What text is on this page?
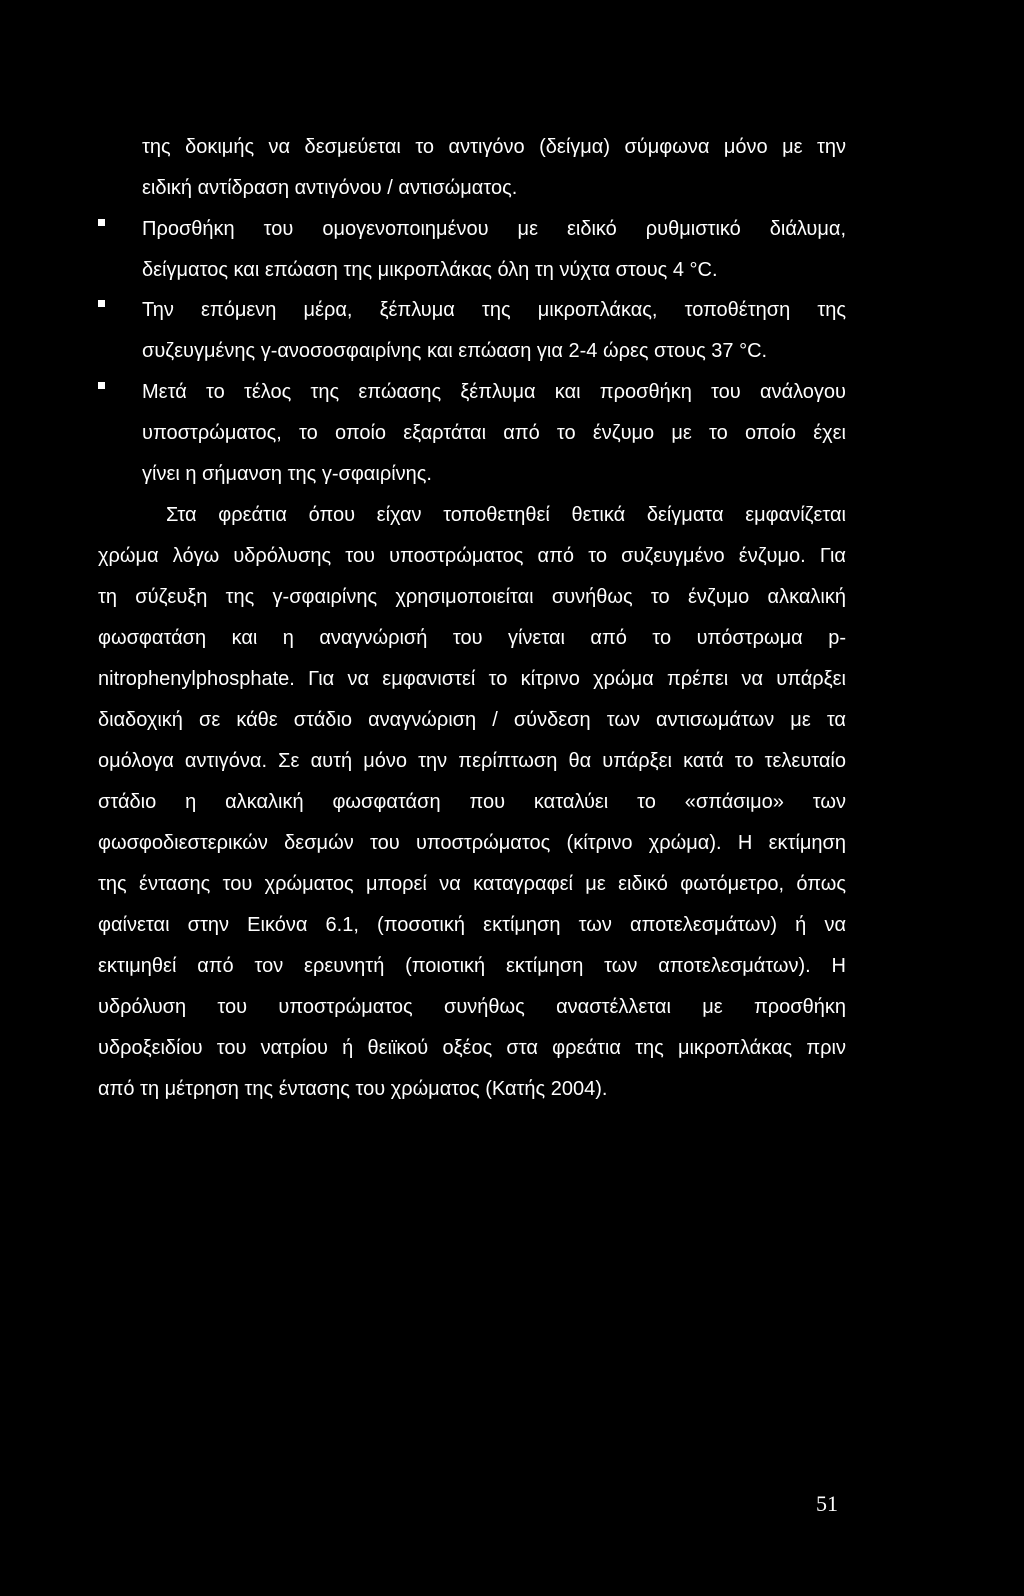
της δοκιμής να δεσμεύεται το αντιγόνο (δείγμα) σύμφωνα μόνο με την
ειδική αντίδραση αντιγόνου / αντισώματος.
Προσθήκη του ομογενοποιημένου με ειδικό ρυθμιστικό διάλυμα,
δείγματος και επώαση της μικροπλάκας όλη τη νύχτα στους 4 °C.
Την επόμενη μέρα, ξέπλυμα της μικροπλάκας, τοποθέτηση της
συζευγμένης γ-ανοσοσφαιρίνης και επώαση για 2-4 ώρες στους 37 °C.
Μετά το τέλος της επώασης ξέπλυμα και προσθήκη του ανάλογου
υποστρώματος, το οποίο εξαρτάται από το ένζυμο με το οποίο έχει
γίνει η σήμανση της γ-σφαιρίνης.
Στα φρεάτια όπου είχαν τοποθετηθεί θετικά δείγματα εμφανίζεται
χρώμα λόγω υδρόλυσης του υποστρώματος από το συζευγμένο ένζυμο. Για
τη σύζευξη της γ-σφαιρίνης χρησιμοποιείται συνήθως το ένζυμο αλκαλική
φωσφατάση και η αναγνώρισή του γίνεται από το υπόστρωμα p-
nitrophenylphosphate. Για να εμφανιστεί το κίτρινο χρώμα πρέπει να υπάρξει
διαδοχική σε κάθε στάδιο αναγνώριση / σύνδεση των αντισωμάτων με τα
ομόλογα αντιγόνα. Σε αυτή μόνο την περίπτωση θα υπάρξει κατά το τελευταίο
στάδιο η αλκαλική φωσφατάση που καταλύει το «σπάσιμο» των
φωσφοδιεστερικών δεσμών του υποστρώματος (κίτρινο χρώμα). Η εκτίμηση
της έντασης του χρώματος μπορεί να καταγραφεί με ειδικό φωτόμετρο, όπως
φαίνεται στην Εικόνα 6.1, (ποσοτική εκτίμηση των αποτελεσμάτων) ή να
εκτιμηθεί από τον ερευνητή (ποιοτική εκτίμηση των αποτελεσμάτων). Η
υδρόλυση του υποστρώματος συνήθως αναστέλλεται με προσθήκη
υδροξειδίου του νατρίου ή θειϊκού οξέος στα φρεάτια της μικροπλάκας πριν
από τη μέτρηση της έντασης του χρώματος (Κατής 2004).
51
